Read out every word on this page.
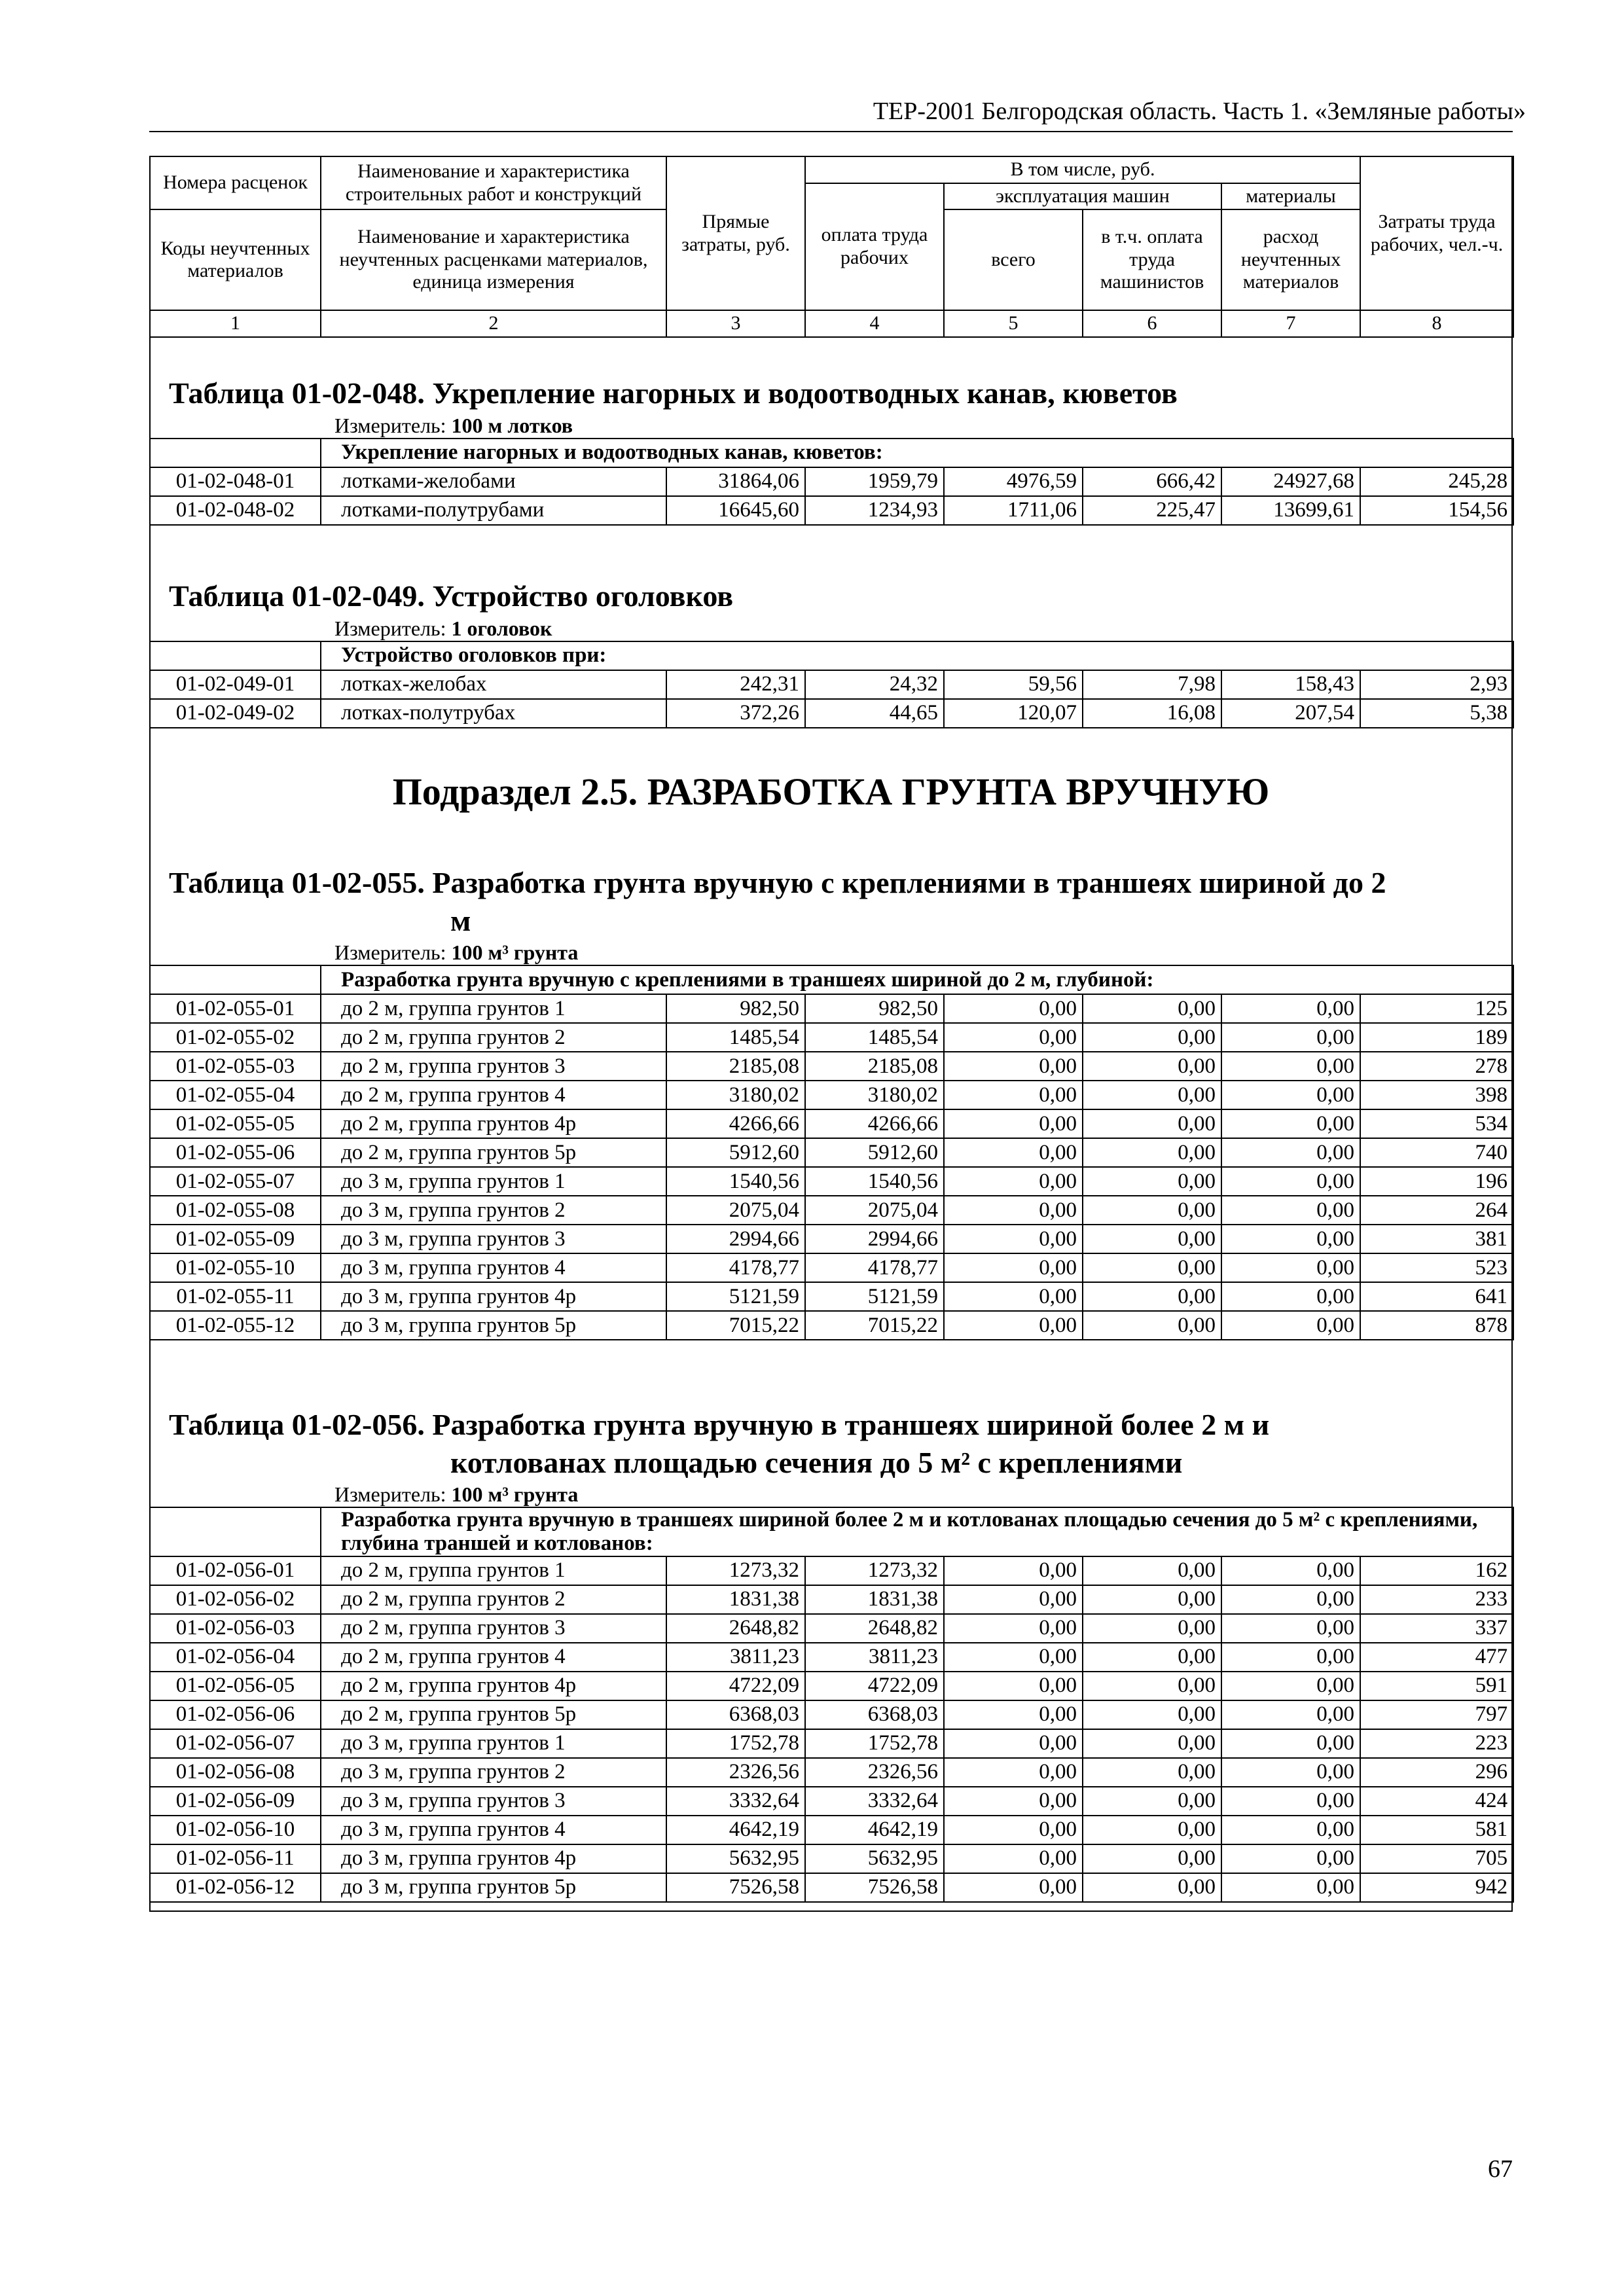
ТЕР-2001 Белгородская область. Часть 1. «Земляные работы»
Номера расценок	Наименование и характеристика строительных работ и конструкций	Прямые затраты, руб.	В том числе, руб.				Затраты труда рабочих, чел.-ч.
			оплата труда рабочих	эксплуатация машин		материалы	
Коды неучтенных материалов	Наименование и характеристика неучтенных расценками материалов, единица измерения			всего	в т.ч. оплата труда машинистов	расход неучтенных материалов	
1	2	3	4	5	6	7	8
Таблица 01-02-048. Укрепление нагорных и водоотводных канав, кюветов
Измеритель: 100 м лотков
	Укрепление нагорных и водоотводных канав, кюветов:						
01-02-048-01	лотками-желобами	31864,06	1959,79	4976,59	666,42	24927,68	245,28
01-02-048-02	лотками-полутрубами	16645,60	1234,93	1711,06	225,47	13699,61	154,56
Таблица 01-02-049. Устройство оголовков
Измеритель: 1 оголовок
	Устройство оголовков при:						
01-02-049-01	лотках-желобах	242,31	24,32	59,56	7,98	158,43	2,93
01-02-049-02	лотках-полутрубах	372,26	44,65	120,07	16,08	207,54	5,38
Подраздел 2.5. РАЗРАБОТКА ГРУНТА ВРУЧНУЮ
Таблица 01-02-055. Разработка грунта вручную с креплениями в траншеях шириной до 2
м
Измеритель: 100 м³ грунта
	Разработка грунта вручную с креплениями в траншеях шириной до 2 м, глубиной:						
01-02-055-01	до 2 м, группа грунтов 1	982,50	982,50	0,00	0,00	0,00	125
01-02-055-02	до 2 м, группа грунтов 2	1485,54	1485,54	0,00	0,00	0,00	189
01-02-055-03	до 2 м, группа грунтов 3	2185,08	2185,08	0,00	0,00	0,00	278
01-02-055-04	до 2 м, группа грунтов 4	3180,02	3180,02	0,00	0,00	0,00	398
01-02-055-05	до 2 м, группа грунтов 4р	4266,66	4266,66	0,00	0,00	0,00	534
01-02-055-06	до 2 м, группа грунтов 5р	5912,60	5912,60	0,00	0,00	0,00	740
01-02-055-07	до 3 м, группа грунтов 1	1540,56	1540,56	0,00	0,00	0,00	196
01-02-055-08	до 3 м, группа грунтов 2	2075,04	2075,04	0,00	0,00	0,00	264
01-02-055-09	до 3 м, группа грунтов 3	2994,66	2994,66	0,00	0,00	0,00	381
01-02-055-10	до 3 м, группа грунтов 4	4178,77	4178,77	0,00	0,00	0,00	523
01-02-055-11	до 3 м, группа грунтов 4р	5121,59	5121,59	0,00	0,00	0,00	641
01-02-055-12	до 3 м, группа грунтов 5р	7015,22	7015,22	0,00	0,00	0,00	878
Таблица 01-02-056. Разработка грунта вручную в траншеях шириной более 2 м и
котлованах площадью сечения до 5 м² с креплениями
Измеритель: 100 м³ грунта
	Разработка грунта вручную в траншеях шириной более 2 м и котлованах площадью сечения до 5 м² с креплениями, глубина траншей и котлованов:						
01-02-056-01	до 2 м, группа грунтов 1	1273,32	1273,32	0,00	0,00	0,00	162
01-02-056-02	до 2 м, группа грунтов 2	1831,38	1831,38	0,00	0,00	0,00	233
01-02-056-03	до 2 м, группа грунтов 3	2648,82	2648,82	0,00	0,00	0,00	337
01-02-056-04	до 2 м, группа грунтов 4	3811,23	3811,23	0,00	0,00	0,00	477
01-02-056-05	до 2 м, группа грунтов 4р	4722,09	4722,09	0,00	0,00	0,00	591
01-02-056-06	до 2 м, группа грунтов 5р	6368,03	6368,03	0,00	0,00	0,00	797
01-02-056-07	до 3 м, группа грунтов 1	1752,78	1752,78	0,00	0,00	0,00	223
01-02-056-08	до 3 м, группа грунтов 2	2326,56	2326,56	0,00	0,00	0,00	296
01-02-056-09	до 3 м, группа грунтов 3	3332,64	3332,64	0,00	0,00	0,00	424
01-02-056-10	до 3 м, группа грунтов 4	4642,19	4642,19	0,00	0,00	0,00	581
01-02-056-11	до 3 м, группа грунтов 4р	5632,95	5632,95	0,00	0,00	0,00	705
01-02-056-12	до 3 м, группа грунтов 5р	7526,58	7526,58	0,00	0,00	0,00	942
67
